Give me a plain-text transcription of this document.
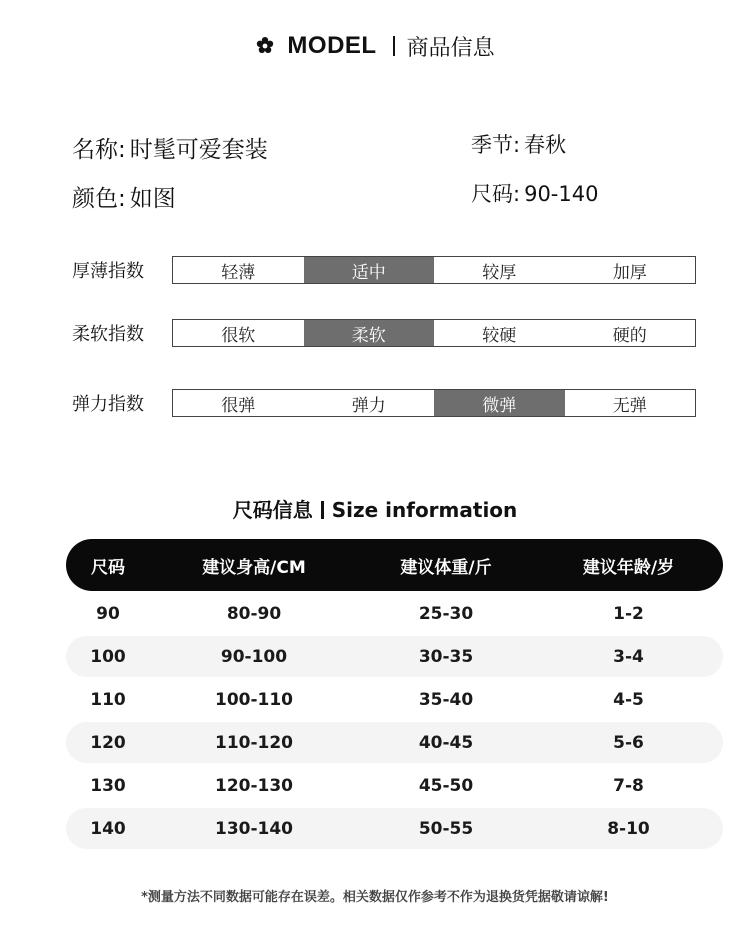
MODEL 商品信息
名称: 时髦可爱套装	季节: 春秋
颜色: 如图	尺码: 90-140
厚薄指数	轻薄	适中	较厚	加厚
柔软指数	很软	柔软	较硬	硬的
弹力指数	很弹	弹力	微弹	无弹
尺码信息 Size information
尺码	建议身高/CM	建议体重/斤	建议年龄/岁
90	80-90	25-30	1-2
100	90-100	30-35	3-4
110	100-110	35-40	4-5
120	110-120	40-45	5-6
130	120-130	45-50	7-8
140	130-140	50-55	8-10
*测量方法不同数据可能存在误差。相关数据仅作参考不作为退换货凭据敬请谅解!
